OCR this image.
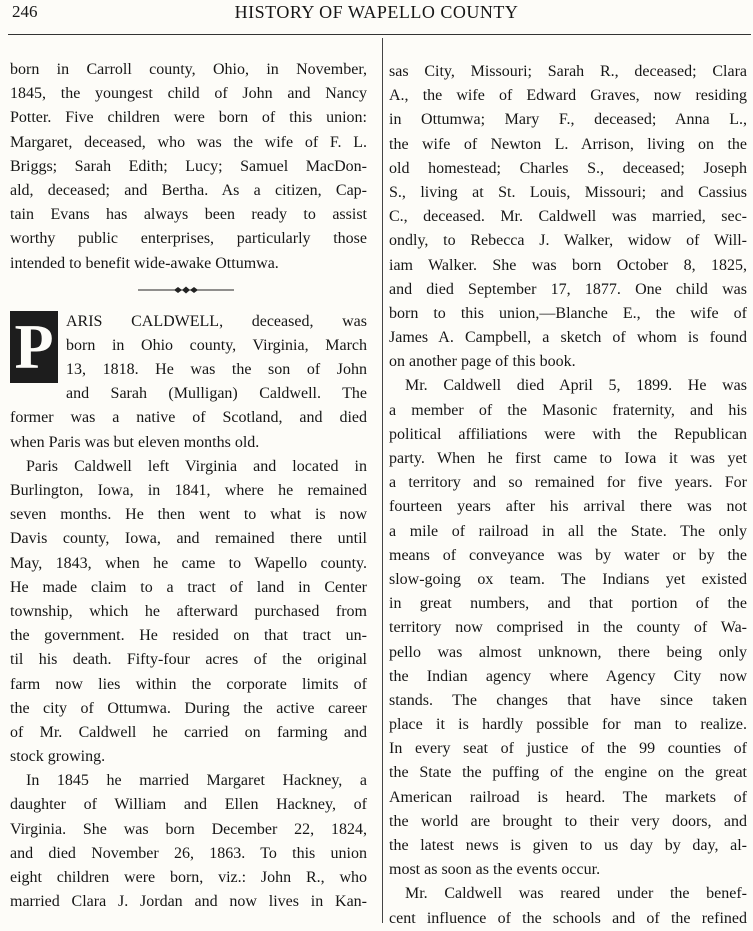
246	HISTORY OF WAPELLO COUNTY
born in Carroll county, Ohio, in November,
1845, the youngest child of John and Nancy
Potter. Five children were born of this union:
Margaret, deceased, who was the wife of F. L.
Briggs; Sarah Edith; Lucy; Samuel MacDon-
ald, deceased; and Bertha. As a citizen, Cap-
tain Evans has always been ready to assist
worthy public enterprises, particularly those
intended to benefit wide-awake Ottumwa.
P ARIS CALDWELL, deceased, was
born in Ohio county, Virginia, March
13, 1818. He was the son of John
and Sarah (Mulligan) Caldwell. The
former was a native of Scotland, and died
when Paris was but eleven months old.
Paris Caldwell left Virginia and located in
Burlington, Iowa, in 1841, where he remained
seven months. He then went to what is now
Davis county, Iowa, and remained there until
May, 1843, when he came to Wapello county.
He made claim to a tract of land in Center
township, which he afterward purchased from
the government. He resided on that tract un-
til his death. Fifty-four acres of the original
farm now lies within the corporate limits of
the city of Ottumwa. During the active career
of Mr. Caldwell he carried on farming and
stock growing.
In 1845 he married Margaret Hackney, a
daughter of William and Ellen Hackney, of
Virginia. She was born December 22, 1824,
and died November 26, 1863. To this union
eight children were born, viz.: John R., who
married Clara J. Jordan and now lives in Kan-
sas City, Missouri; Sarah R., deceased; Clara
A., the wife of Edward Graves, now residing
in Ottumwa; Mary F., deceased; Anna L.,
the wife of Newton L. Arrison, living on the
old homestead; Charles S., deceased; Joseph
S., living at St. Louis, Missouri; and Cassius
C., deceased. Mr. Caldwell was married, sec-
ondly, to Rebecca J. Walker, widow of Will-
iam Walker. She was born October 8, 1825,
and died September 17, 1877. One child was
born to this union,—Blanche E., the wife of
James A. Campbell, a sketch of whom is found
on another page of this book.
Mr. Caldwell died April 5, 1899. He was
a member of the Masonic fraternity, and his
political affiliations were with the Republican
party. When he first came to Iowa it was yet
a territory and so remained for five years. For
fourteen years after his arrival there was not
a mile of railroad in all the State. The only
means of conveyance was by water or by the
slow-going ox team. The Indians yet existed
in great numbers, and that portion of the
territory now comprised in the county of Wa-
pello was almost unknown, there being only
the Indian agency where Agency City now
stands. The changes that have since taken
place it is hardly possible for man to realize.
In every seat of justice of the 99 counties of
the State the puffing of the engine on the great
American railroad is heard. The markets of
the world are brought to their very doors, and
the latest news is given to us day by day, al-
most as soon as the events occur.
Mr. Caldwell was reared under the benef-
cent influence of the schools and of the refined
